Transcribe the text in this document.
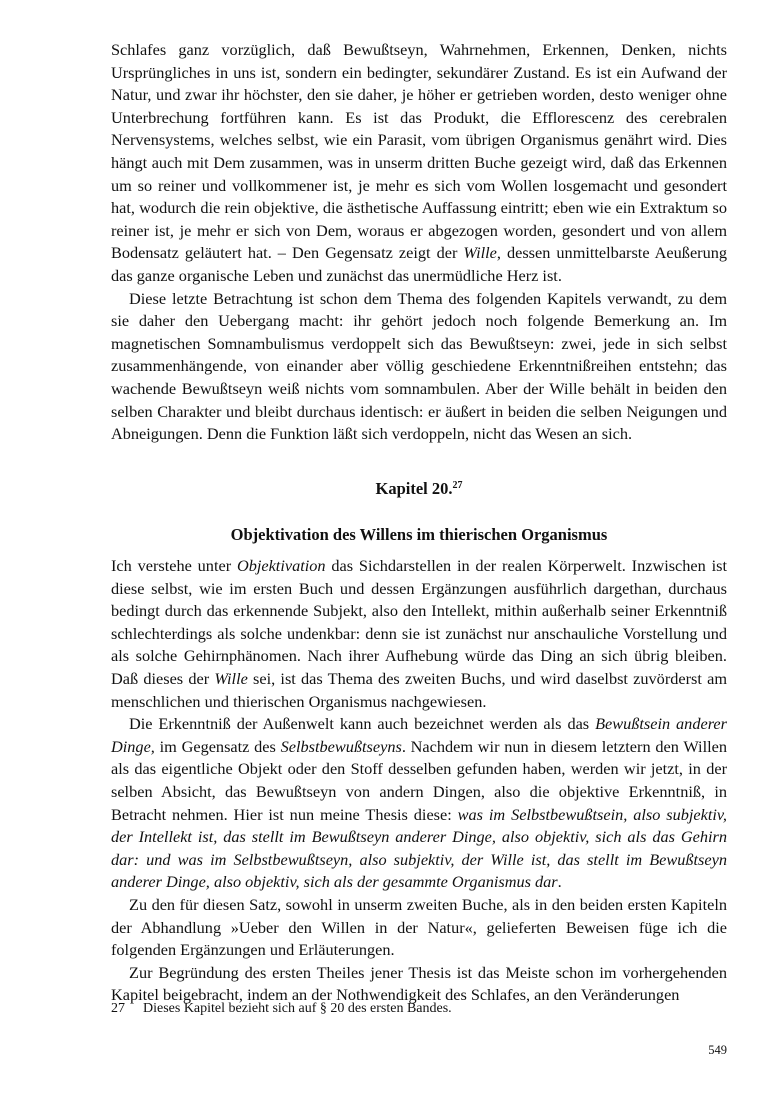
Schlafes ganz vorzüglich, daß Bewußtseyn, Wahrnehmen, Erkennen, Denken, nichts Ursprüngliches in uns ist, sondern ein bedingter, sekundärer Zustand. Es ist ein Aufwand der Natur, und zwar ihr höchster, den sie daher, je höher er getrieben worden, desto weniger ohne Unterbrechung fortführen kann. Es ist das Produkt, die Efflorescenz des cerebralen Nervensystems, welches selbst, wie ein Parasit, vom übrigen Organismus genährt wird. Dies hängt auch mit Dem zusammen, was in unserm dritten Buche gezeigt wird, daß das Erkennen um so reiner und vollkommener ist, je mehr es sich vom Wollen losgemacht und gesondert hat, wodurch die rein objektive, die ästhetische Auffassung eintritt; eben wie ein Extraktum so reiner ist, je mehr er sich von Dem, woraus er abgezogen worden, gesondert und von allem Bodensatz geläutert hat. – Den Gegensatz zeigt der Wille, dessen unmittelbarste Aeußerung das ganze organische Leben und zunächst das unermüdliche Herz ist.

Diese letzte Betrachtung ist schon dem Thema des folgenden Kapitels verwandt, zu dem sie daher den Uebergang macht: ihr gehört jedoch noch folgende Bemerkung an. Im magnetischen Somnambulismus verdoppelt sich das Bewußtseyn: zwei, jede in sich selbst zusammenhängende, von einander aber völlig geschiedene Erkenntnißreihen entstehn; das wachende Bewußtseyn weiß nichts vom somnambulen. Aber der Wille behält in beiden den selben Charakter und bleibt durchaus identisch: er äußert in beiden die selben Neigungen und Abneigungen. Denn die Funktion läßt sich verdoppeln, nicht das Wesen an sich.

Kapitel 20.27

Objektivation des Willens im thierischen Organismus

Ich verstehe unter Objektivation das Sichdarstellen in der realen Körperwelt. Inzwischen ist diese selbst, wie im ersten Buch und dessen Ergänzungen ausführlich dargethan, durchaus bedingt durch das erkennende Subjekt, also den Intellekt, mithin außerhalb seiner Erkenntniß schlechterdings als solche undenkbar: denn sie ist zunächst nur anschauliche Vorstellung und als solche Gehirnphänomen. Nach ihrer Aufhebung würde das Ding an sich übrig bleiben. Daß dieses der Wille sei, ist das Thema des zweiten Buchs, und wird daselbst zuvörderst am menschlichen und thierischen Organismus nachgewiesen.

Die Erkenntniß der Außenwelt kann auch bezeichnet werden als das Bewußtsein anderer Dinge, im Gegensatz des Selbstbewußtseyns. Nachdem wir nun in diesem letztern den Willen als das eigentliche Objekt oder den Stoff desselben gefunden haben, werden wir jetzt, in der selben Absicht, das Bewußtseyn von andern Dingen, also die objektive Erkenntniß, in Betracht nehmen. Hier ist nun meine Thesis diese: was im Selbstbewußtsein, also subjektiv, der Intellekt ist, das stellt im Bewußtseyn anderer Dinge, also objektiv, sich als das Gehirn dar: und was im Selbstbewußtseyn, also subjektiv, der Wille ist, das stellt im Bewußtseyn anderer Dinge, also objektiv, sich als der gesammte Organismus dar.

Zu den für diesen Satz, sowohl in unserm zweiten Buche, als in den beiden ersten Kapiteln der Abhandlung »Ueber den Willen in der Natur«, gelieferten Beweisen füge ich die folgenden Ergänzungen und Erläuterungen.

Zur Begründung des ersten Theiles jener Thesis ist das Meiste schon im vorhergehenden Kapitel beigebracht, indem an der Nothwendigkeit des Schlafes, an den Veränderungen

27 Dieses Kapitel bezieht sich auf § 20 des ersten Bandes.
549
